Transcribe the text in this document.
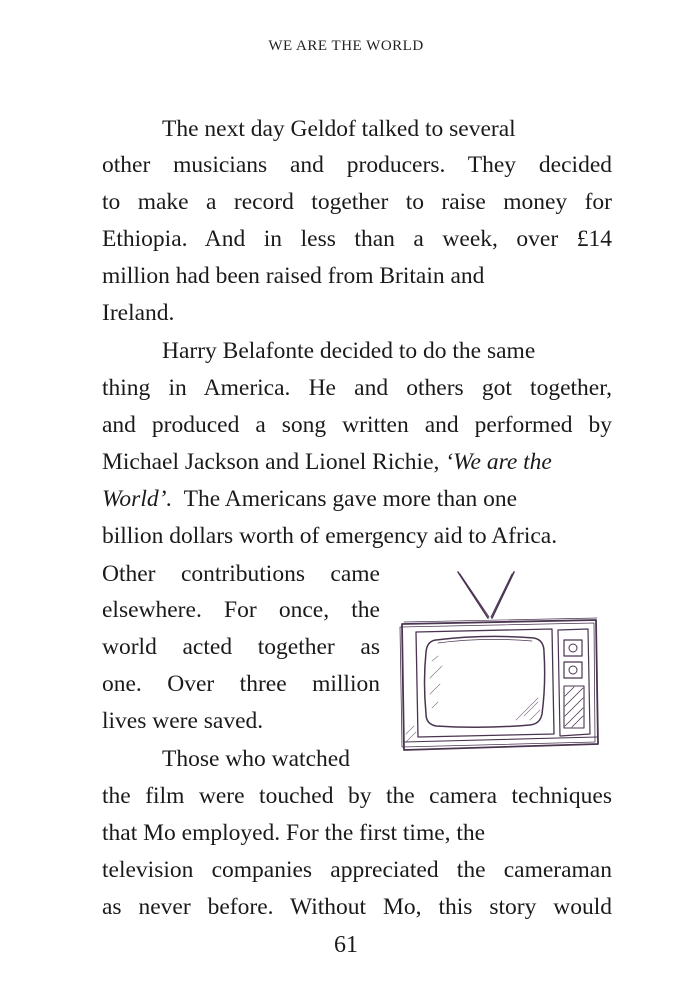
WE ARE THE WORLD
The next day Geldof talked to several
other musicians and producers. They decided
to make a record together to raise money for
Ethiopia. And in less than a week, over £14
million had been raised from Britain and
Ireland.
Harry Belafonte decided to do the same
thing in America. He and others got together,
and produced a song written and performed by
Michael Jackson and Lionel Richie, ‘We are the
World’. The Americans gave more than one
billion dollars worth of emergency aid to Africa.
Other contributions came
elsewhere. For once, the
world acted together as
one. Over three million
lives were saved.
Those who watched
the film were touched by the camera techniques
that Mo employed. For the first time, the
television companies appreciated the cameraman
as never before. Without Mo, this story would
61
